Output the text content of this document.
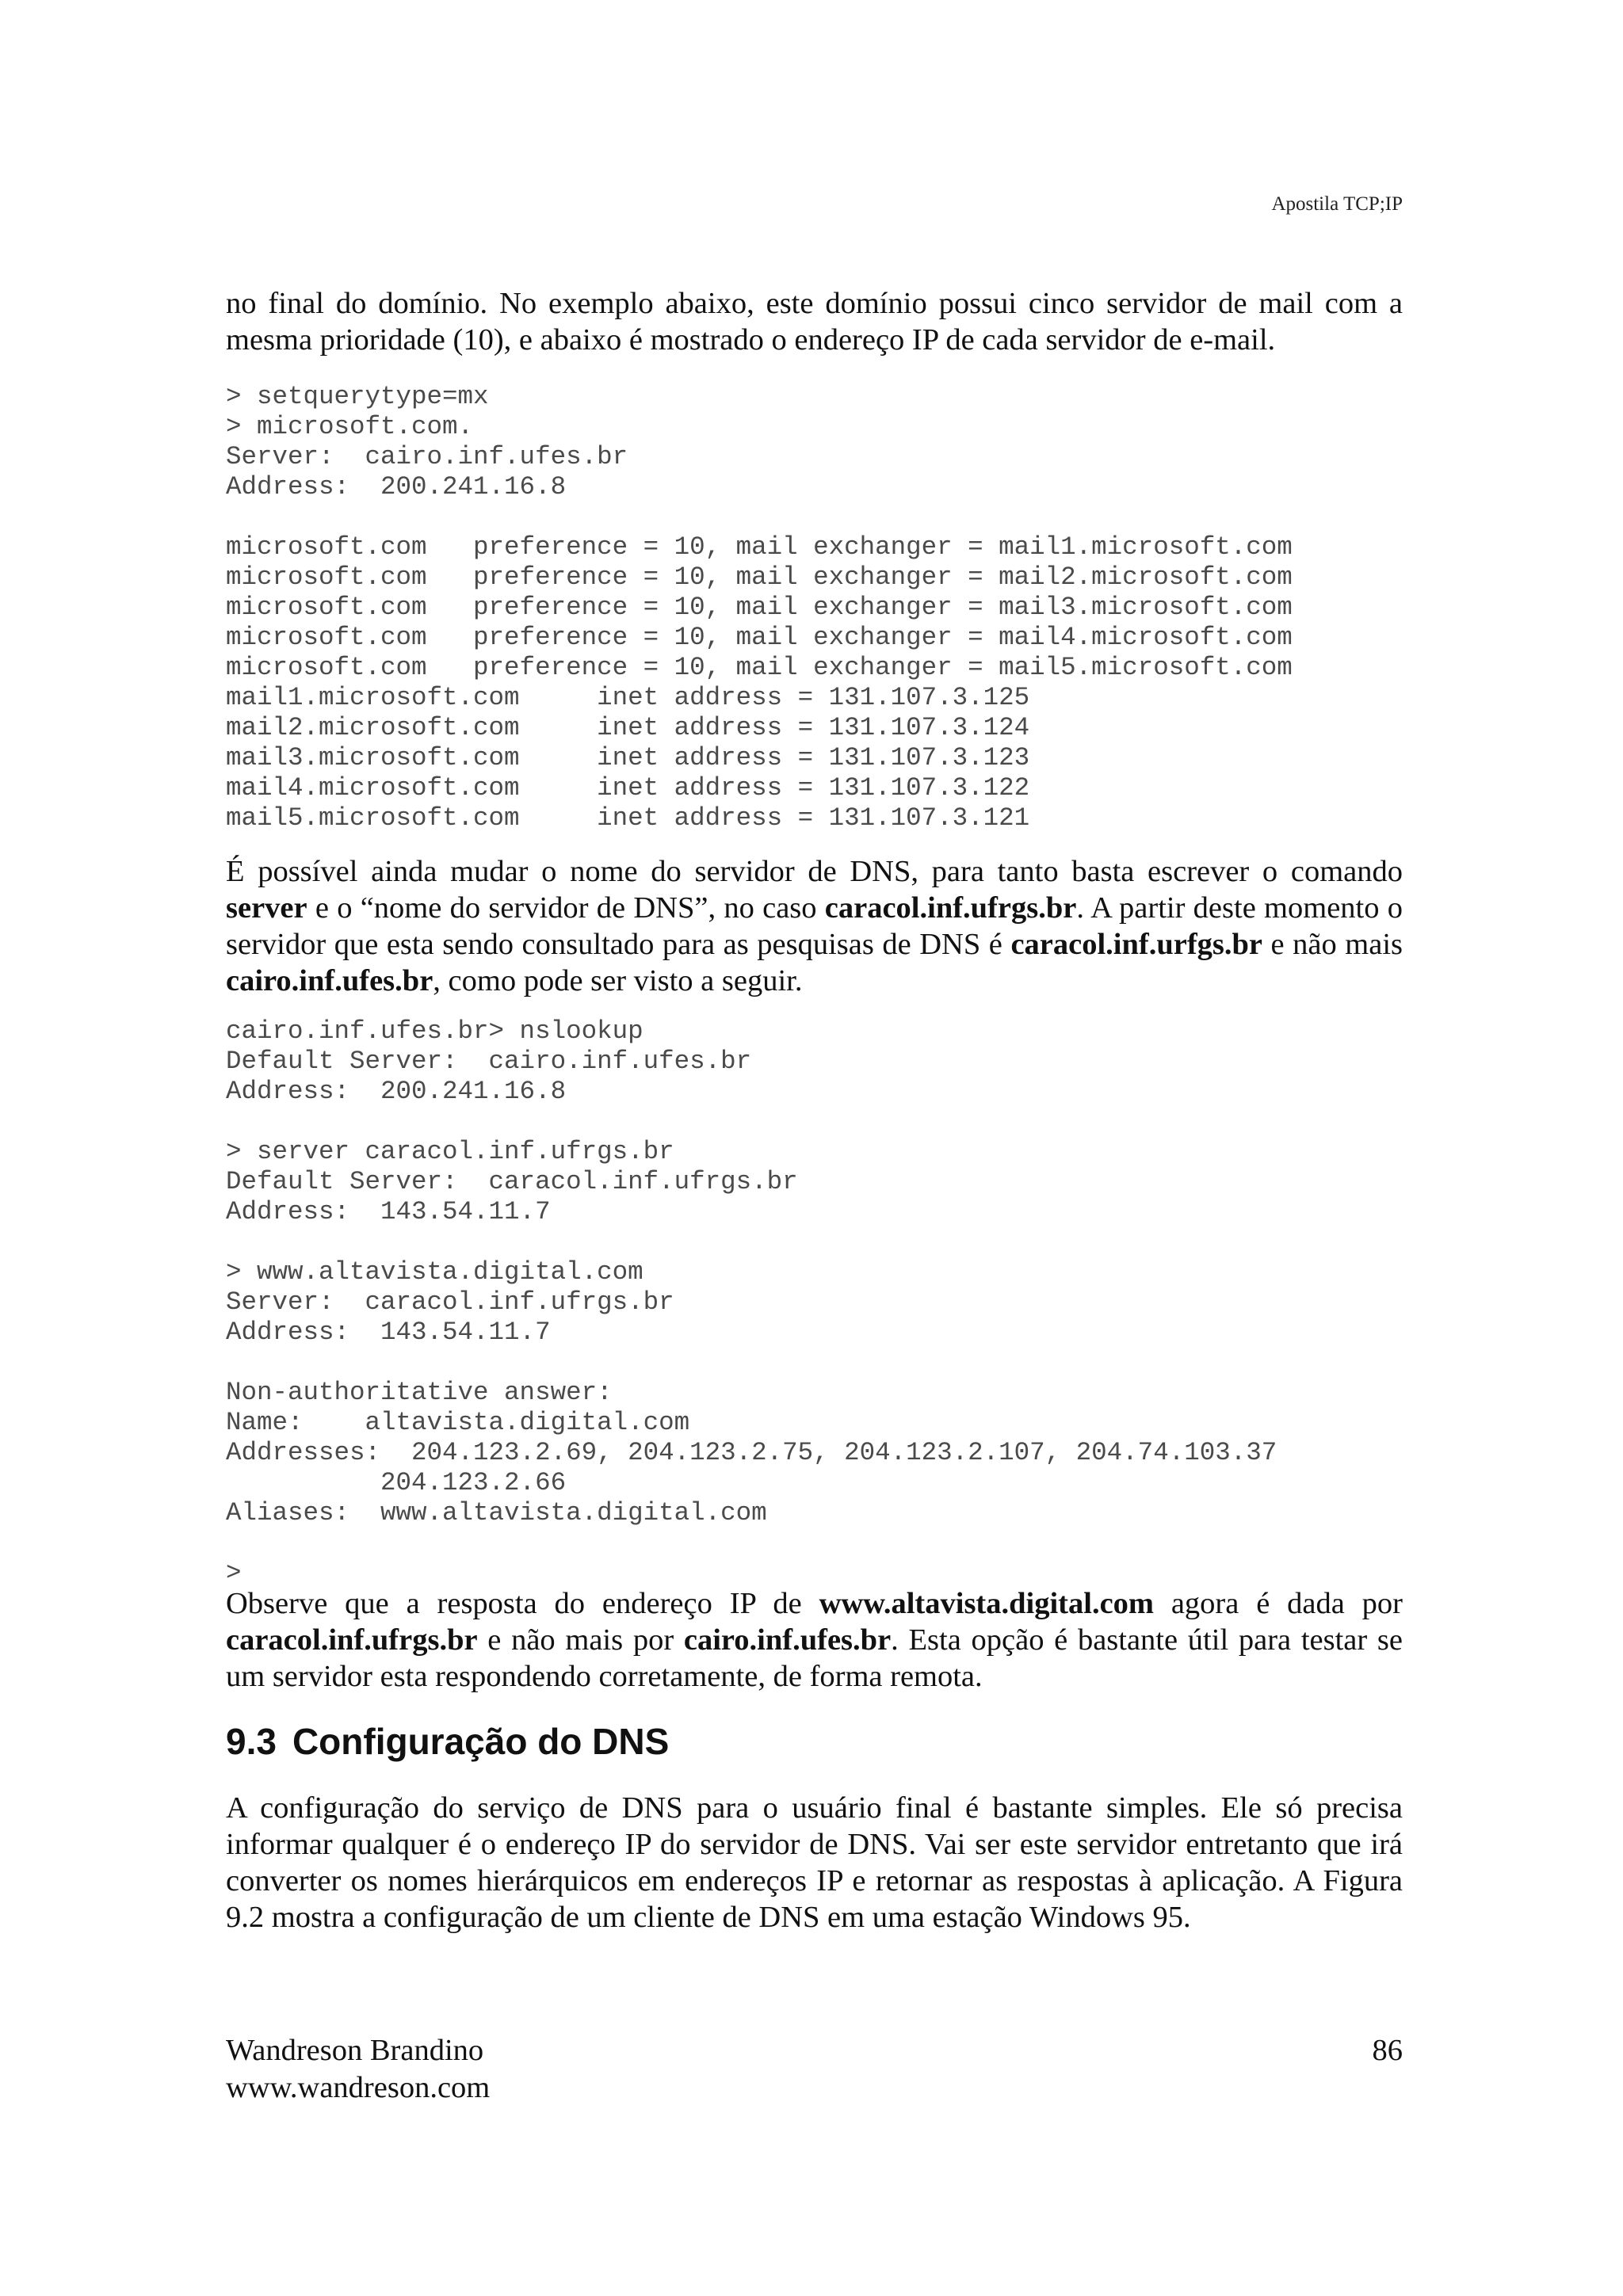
Apostila TCP;IP

no final do domínio. No exemplo abaixo, este domínio possui cinco servidor de mail com a mesma prioridade (10), e abaixo é mostrado o endereço IP de cada servidor de e-mail.

> setquerytype=mx
> microsoft.com.
Server:  cairo.inf.ufes.br
Address:  200.241.16.8

microsoft.com   preference = 10, mail exchanger = mail1.microsoft.com
microsoft.com   preference = 10, mail exchanger = mail2.microsoft.com
microsoft.com   preference = 10, mail exchanger = mail3.microsoft.com
microsoft.com   preference = 10, mail exchanger = mail4.microsoft.com
microsoft.com   preference = 10, mail exchanger = mail5.microsoft.com
mail1.microsoft.com     inet address = 131.107.3.125
mail2.microsoft.com     inet address = 131.107.3.124
mail3.microsoft.com     inet address = 131.107.3.123
mail4.microsoft.com     inet address = 131.107.3.122
mail5.microsoft.com     inet address = 131.107.3.121

É possível ainda mudar o nome do servidor de DNS, para tanto basta escrever o comando server e o “nome do servidor de DNS”, no caso caracol.inf.ufrgs.br. A partir deste momento o servidor que esta sendo consultado para as pesquisas de DNS é caracol.inf.urfgs.br e não mais cairo.inf.ufes.br, como pode ser visto a seguir.

cairo.inf.ufes.br> nslookup
Default Server:  cairo.inf.ufes.br
Address:  200.241.16.8

> server caracol.inf.ufrgs.br
Default Server:  caracol.inf.ufrgs.br
Address:  143.54.11.7

> www.altavista.digital.com
Server:  caracol.inf.ufrgs.br
Address:  143.54.11.7

Non-authoritative answer:
Name:    altavista.digital.com
Addresses:  204.123.2.69, 204.123.2.75, 204.123.2.107, 204.74.103.37
204.123.2.66
Aliases:  www.altavista.digital.com

>

Observe que a resposta do endereço IP de www.altavista.digital.com agora é dada por caracol.inf.ufrgs.br e não mais por cairo.inf.ufes.br. Esta opção é bastante útil para testar se um servidor esta respondendo corretamente, de forma remota.

9.3 Configuração do DNS

A configuração do serviço de DNS para o usuário final é bastante simples. Ele só precisa informar qualquer é o endereço IP do servidor de DNS. Vai ser este servidor entretanto que irá converter os nomes hierárquicos em endereços IP e retornar as respostas à aplicação. A Figura 9.2 mostra a configuração de um cliente de DNS em uma estação Windows 95.

Wandreson Brandino
www.wandreson.com
86
